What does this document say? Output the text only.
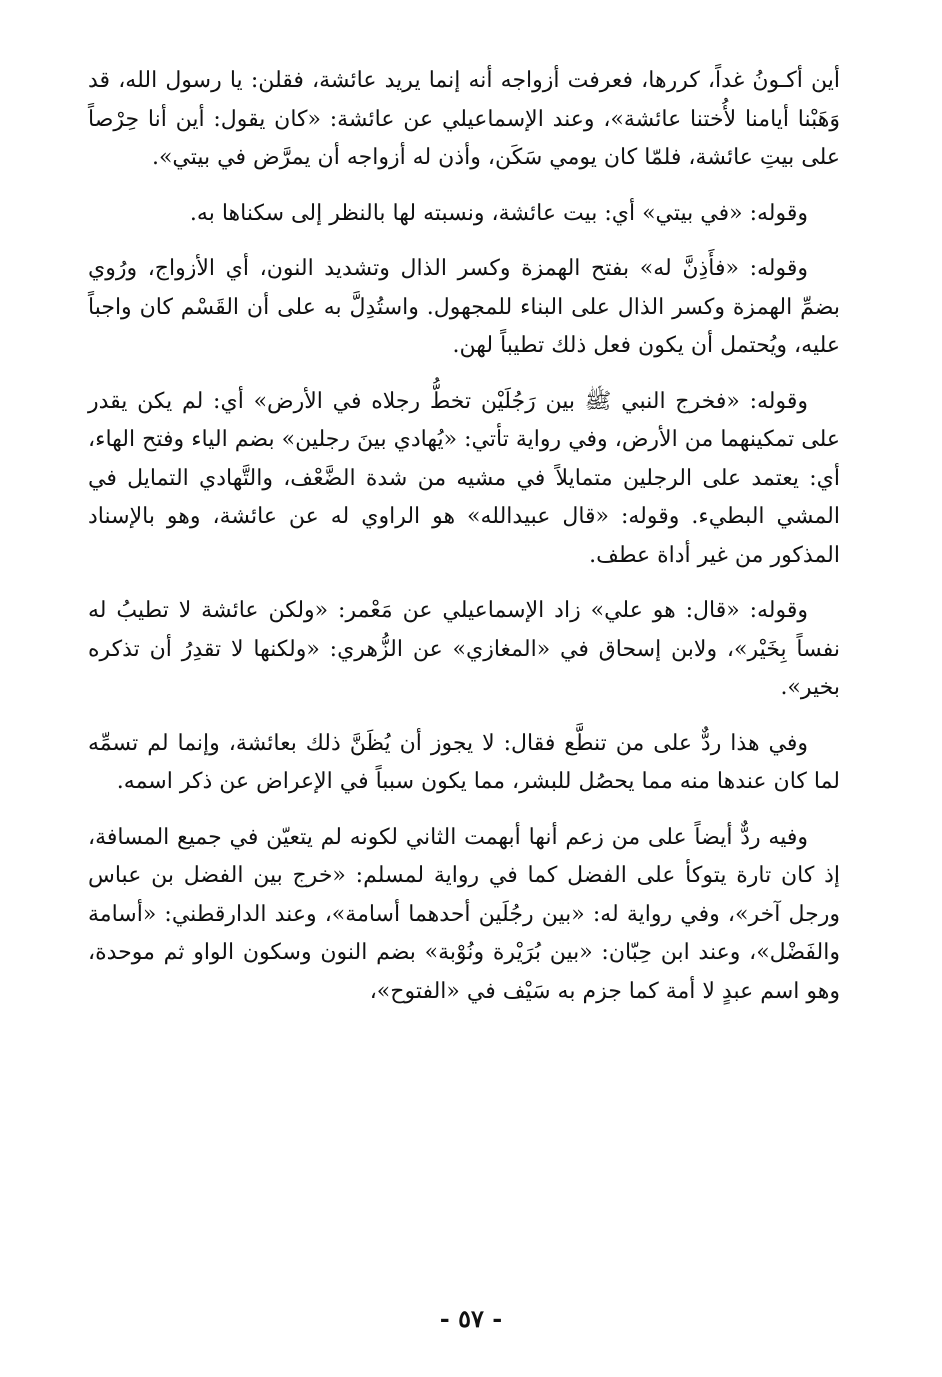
أين أكـونُ غداً، كررها، فعرفت أزواجه أنه إنما يريد عائشة، فقلن: يا رسول الله، قد وَهَبْنا أيامنا لأُختنا عائشة»، وعند الإسماعيلي عن عائشة: «كان يقول: أين أنا حِرْصاً على بيتِ عائشة، فلمّا كان يومي سَكَن، وأذن له أزواجه أن يمرَّض في بيتي».

وقوله: «في بيتي» أي: بيت عائشة، ونسبته لها بالنظر إلى سكناها به.

وقوله: «فأَذِنَّ له» بفتح الهمزة وكسر الذال وتشديد النون، أي الأزواج، ورُوي بضمِّ الهمزة وكسر الذال على البناء للمجهول. واستُدِلَّ به على أن القَسْم كان واجباً عليه، ويُحتمل أن يكون فعل ذلك تطيباً لهن.

وقوله: «فخرج النبي ﷺ بين رَجُلَيْن تخطُّ رجلاه في الأرض» أي: لم يكن يقدر على تمكينهما من الأرض، وفي رواية تأتي: «يُهادي بينَ رجلين» بضم الياء وفتح الهاء، أي: يعتمد على الرجلين متمايلاً في مشيه من شدة الضَّعْف، والتَّهادي التمايل في المشي البطيء. وقوله: «قال عبيدالله» هو الراوي له عن عائشة، وهو بالإسناد المذكور من غير أداة عطف.

وقوله: «قال: هو علي» زاد الإسماعيلي عن مَعْمر: «ولكن عائشة لا تطيبُ له نفساً بِخَيْر»، ولابن إسحاق في «المغازي» عن الزُّهري: «ولكنها لا تقدِرُ أن تذكره بخير».

وفي هذا ردٌّ على من تنطَّع فقال: لا يجوز أن يُظَنَّ ذلك بعائشة، وإنما لم تسمِّه لما كان عندها منه مما يحصُل للبشر، مما يكون سبباً في الإعراض عن ذكر اسمه.

وفيه ردٌّ أيضاً على من زعم أنها أبهمت الثاني لكونه لم يتعيّن في جميع المسافة، إذ كان تارة يتوكأ على الفضل كما في رواية لمسلم: «خرج بين الفضل بن عباس ورجل آخر»، وفي رواية له: «بين رجُلَين أحدهما أسامة»، وعند الدارقطني: «أسامة والفَضْل»، وعند ابن حِبّان: «بين بُرَيْرة ونُوْبة» بضم النون وسكون الواو ثم موحدة، وهو اسم عبدٍ لا أمة كما جزم به سَيْف في «الفتوح»،

- ٥٧ -
